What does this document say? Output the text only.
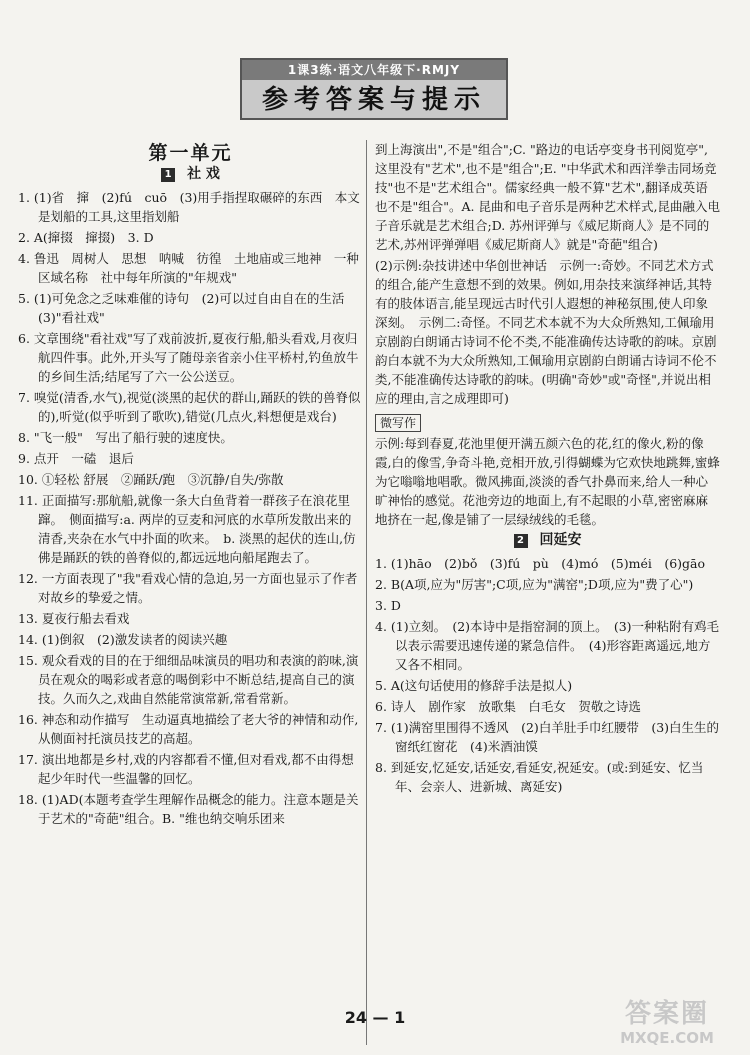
1课3练·语文八年级下·RMJY
参考答案与提示
第一单元
1 社 戏
1. (1)省　撺　(2)fú　cuō　(3)用手指捏取碾碎的东西　本文是划船的工具,这里指划船
2. A(撺掇　撺掇)　3. D
4. 鲁迅　周树人　思想　呐喊　彷徨　土地庙或三地神　一种区域名称　社中每年所演的"年规戏"
5. (1)可免念之乏味难催的诗句　(2)可以过自由自在的生活　(3)"看社戏"
6. 文章围绕"看社戏"写了戏前波折,夏夜行船,船头看戏,月夜归航四件事。此外,开头写了随母亲省亲小住平桥村,钓鱼放牛的乡间生活;结尾写了六一公公送豆。
7. 嗅觉(清香,水气),视觉(淡黑的起伏的群山,踊跃的铁的兽脊似的),听觉(似乎听到了歌吹),错觉(几点火,料想便是戏台)
8. "飞一般"　写出了船行驶的速度快。
9. 点开　一磕　退后
10. ①轻松 舒展　②踊跃/跑　③沉静/自失/弥散
11. 正面描写:那航船,就像一条大白鱼背着一群孩子在浪花里蹿。　侧面描写:a. 两岸的豆麦和河底的水草所发散出来的清香,夹杂在水气中扑面的吹来。　b. 淡黑的起伏的连山,仿佛是踊跃的铁的兽脊似的,都远远地向船尾跑去了。
12. 一方面表现了"我"看戏心情的急迫,另一方面也显示了作者对故乡的挚爱之情。
13. 夏夜行船去看戏
14. (1)倒叙　(2)激发读者的阅读兴趣
15. 观众看戏的目的在于细细品味演员的唱功和表演的韵味,演员在观众的喝彩或者意的喝倒彩中不断总结,提高自己的演技。久而久之,戏曲自然能常演常新,常看常新。
16. 神态和动作描写　生动逼真地描绘了老大爷的神情和动作,从侧面衬托演员技艺的高超。
17. 演出地都是乡村,戏的内容都看不懂,但对看戏,都不由得想起少年时代一些温馨的回忆。
18. (1)AD(本题考查学生理解作品概念的能力。注意本题是关于艺术的"奇葩"组合。B. "维也纳交响乐团来
到上海演出",不是"组合";C. "路边的电话亭变身书刊阅览亭",这里没有"艺术",也不是"组合";E. "中华武术和西洋拳击同场竞技"也不是"艺术组合"。儒家经典一般不算"艺术",翻译成英语也不是"组合"。A. 昆曲和电子音乐是两种艺术样式,昆曲融入电子音乐就是艺术组合;D. 苏州评弹与《威尼斯商人》是不同的艺术,苏州评弹弹唱《威尼斯商人》就是"奇葩"组合)
(2)示例:杂技讲述中华创世神话　示例一:奇妙。不同艺术方式的组合,能产生意想不到的效果。例如,用杂技来演绎神话,其特有的肢体语言,能呈现远古时代引人遐想的神秘氛围,使人印象深刻。　示例二:奇怪。不同艺术本就不为大众所熟知,工佩瑜用京剧韵白朗诵古诗词不伦不类,不能准确传达诗歌的韵味。京剧韵白本就不为大众所熟知,工佩瑜用京剧韵白朗诵古诗词不伦不类,不能准确传达诗歌的韵味。(明确"奇妙"或"奇怪",并说出相应的理由,言之成理即可)
微写作
示例:每到春夏,花池里便开满五颜六色的花,红的像火,粉的像霞,白的像雪,争奇斗艳,竞相开放,引得蝴蝶为它欢快地跳舞,蜜蜂为它嗡嗡地唱歌。微风拂面,淡淡的香气扑鼻而来,给人一种心旷神怡的感觉。花池旁边的地面上,有不起眼的小草,密密麻麻地挤在一起,像是铺了一层绿绒线的毛毯。
2 回延安
1. (1)hāo　(2)bǒ　(3)fú　pù　(4)mó　(5)méi　(6)gāo
2. B(A项,应为"厉害";C项,应为"满窑";D项,应为"费了心")
3. D
4. (1)立刻。　(2)本诗中是指窑洞的顶上。　(3)一种粘附有鸡毛以表示需要迅速传递的紧急信件。　(4)形容距离遥远,地方又各不相同。
5. A(这句话使用的修辞手法是拟人)
6. 诗人　剧作家　放歌集　白毛女　贺敬之诗选
7. (1)满窑里围得不透风　(2)白羊肚手巾红腰带　(3)白生生的窗纸红窗花　(4)米酒油馍
8. 到延安,忆延安,话延安,看延安,祝延安。(或:到延安、忆当年、会亲人、进新城、离延安)
24 — 1	答案圈
MXQE.COM
